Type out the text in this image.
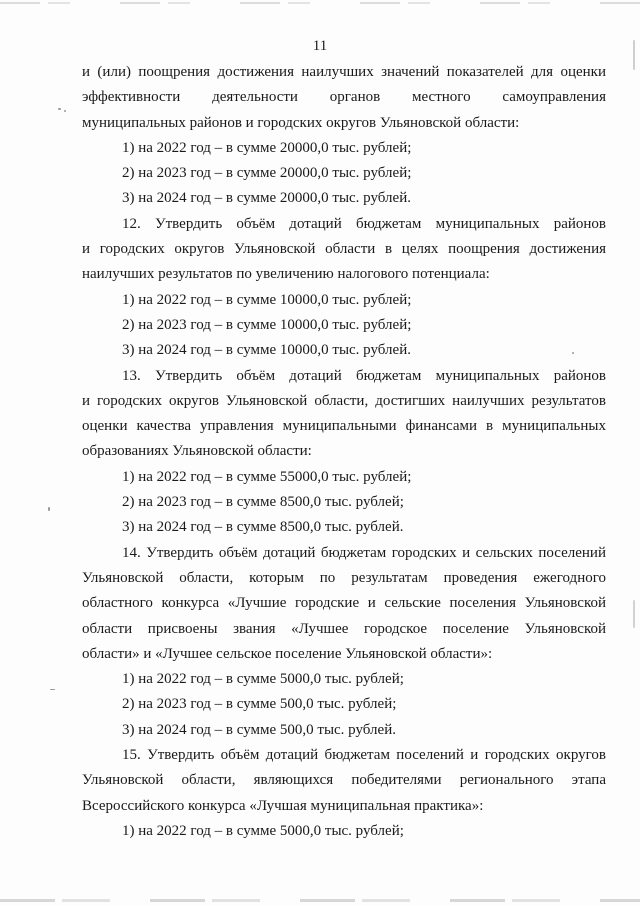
11
и (или) поощрения достижения наилучших значений показателей для оценки
эффективности деятельности органов местного самоуправления
муниципальных районов и городских округов Ульяновской области:
1) на 2022 год – в сумме 20000,0 тыс. рублей;
2) на 2023 год – в сумме 20000,0 тыс. рублей;
3) на 2024 год – в сумме 20000,0 тыс. рублей.
12. Утвердить объём дотаций бюджетам муниципальных районов
и городских округов Ульяновской области в целях поощрения достижения
наилучших результатов по увеличению налогового потенциала:
1) на 2022 год – в сумме 10000,0 тыс. рублей;
2) на 2023 год – в сумме 10000,0 тыс. рублей;
3) на 2024 год – в сумме 10000,0 тыс. рублей.
13. Утвердить объём дотаций бюджетам муниципальных районов
и городских округов Ульяновской области, достигших наилучших результатов
оценки качества управления муниципальными финансами в муниципальных
образованиях Ульяновской области:
1) на 2022 год – в сумме 55000,0 тыс. рублей;
2) на 2023 год – в сумме 8500,0 тыс. рублей;
3) на 2024 год – в сумме 8500,0 тыс. рублей.
14. Утвердить объём дотаций бюджетам городских и сельских поселений
Ульяновской области, которым по результатам проведения ежегодного
областного конкурса «Лучшие городские и сельские поселения Ульяновской
области присвоены звания «Лучшее городское поселение Ульяновской
области» и «Лучшее сельское поселение Ульяновской области»:
1) на 2022 год – в сумме 5000,0 тыс. рублей;
2) на 2023 год – в сумме 500,0 тыс. рублей;
3) на 2024 год – в сумме 500,0 тыс. рублей.
15. Утвердить объём дотаций бюджетам поселений и городских округов
Ульяновской области, являющихся победителями регионального этапа
Всероссийского конкурса «Лучшая муниципальная практика»:
1) на 2022 год – в сумме 5000,0 тыс. рублей;
